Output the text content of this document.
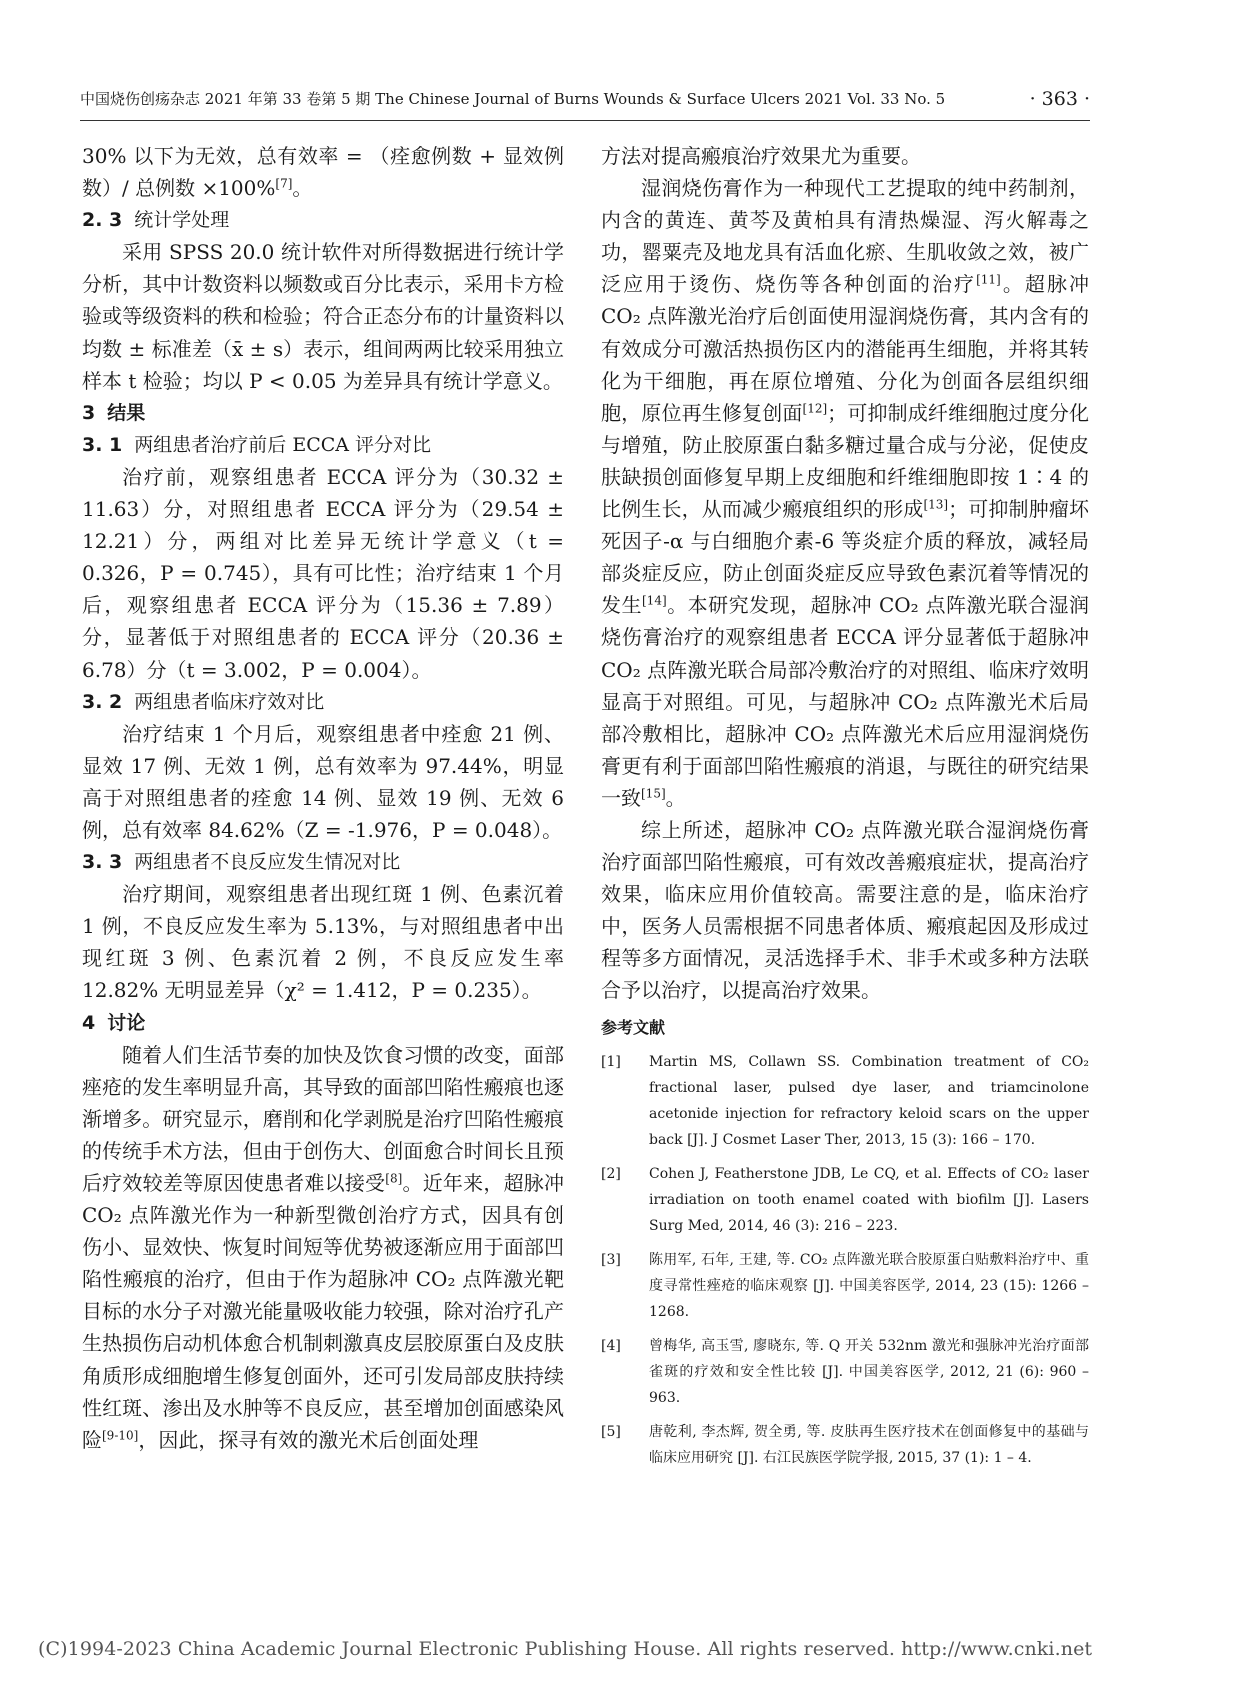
中国烧伤创疡杂志 2021 年第 33 卷第 5 期 The Chinese Journal of Burns Wounds & Surface Ulcers 2021 Vol. 33 No. 5	· 363 ·

30% 以下为无效，总有效率 = （痊愈例数 + 显效例数）/ 总例数 ×100%[7]。

2. 3 统计学处理

采用 SPSS 20.0 统计软件对所得数据进行统计学分析，其中计数资料以频数或百分比表示，采用卡方检验或等级资料的秩和检验；符合正态分布的计量资料以均数 ± 标准差（x̄ ± s）表示，组间两两比较采用独立样本 t 检验；均以 P < 0.05 为差异具有统计学意义。

3 结果
3. 1 两组患者治疗前后 ECCA 评分对比

治疗前，观察组患者 ECCA 评分为（30.32 ± 11.63）分，对照组患者 ECCA 评分为（29.54 ± 12.21）分，两组对比差异无统计学意义（t = 0.326，P = 0.745），具有可比性；治疗结束 1 个月后，观察组患者 ECCA 评分为（15.36 ± 7.89）分，显著低于对照组患者的 ECCA 评分（20.36 ± 6.78）分（t = 3.002，P = 0.004）。

3. 2 两组患者临床疗效对比

治疗结束 1 个月后，观察组患者中痊愈 21 例、显效 17 例、无效 1 例，总有效率为 97.44%，明显高于对照组患者的痊愈 14 例、显效 19 例、无效 6 例，总有效率 84.62%（Z = -1.976，P = 0.048）。

3. 3 两组患者不良反应发生情况对比

治疗期间，观察组患者出现红斑 1 例、色素沉着 1 例，不良反应发生率为 5.13%，与对照组患者中出现红斑 3 例、色素沉着 2 例，不良反应发生率 12.82% 无明显差异（χ² = 1.412，P = 0.235）。

4 讨论

随着人们生活节奏的加快及饮食习惯的改变，面部痤疮的发生率明显升高，其导致的面部凹陷性瘢痕也逐渐增多。研究显示，磨削和化学剥脱是治疗凹陷性瘢痕的传统手术方法，但由于创伤大、创面愈合时间长且预后疗效较差等原因使患者难以接受[8]。近年来，超脉冲 CO₂ 点阵激光作为一种新型微创治疗方式，因具有创伤小、显效快、恢复时间短等优势被逐渐应用于面部凹陷性瘢痕的治疗，但由于作为超脉冲 CO₂ 点阵激光靶目标的水分子对激光能量吸收能力较强，除对治疗孔产生热损伤启动机体愈合机制刺激真皮层胶原蛋白及皮肤角质形成细胞增生修复创面外，还可引发局部皮肤持续性红斑、渗出及水肿等不良反应，甚至增加创面感染风险[9-10]，因此，探寻有效的激光术后创面处理

方法对提高瘢痕治疗效果尤为重要。

湿润烧伤膏作为一种现代工艺提取的纯中药制剂，内含的黄连、黄芩及黄柏具有清热燥湿、泻火解毒之功，罂粟壳及地龙具有活血化瘀、生肌收敛之效，被广泛应用于烫伤、烧伤等各种创面的治疗[11]。超脉冲 CO₂ 点阵激光治疗后创面使用湿润烧伤膏，其内含有的有效成分可激活热损伤区内的潜能再生细胞，并将其转化为干细胞，再在原位增殖、分化为创面各层组织细胞，原位再生修复创面[12]；可抑制成纤维细胞过度分化与增殖，防止胶原蛋白黏多糖过量合成与分泌，促使皮肤缺损创面修复早期上皮细胞和纤维细胞即按 1∶4 的比例生长，从而减少瘢痕组织的形成[13]；可抑制肿瘤坏死因子-α 与白细胞介素-6 等炎症介质的释放，减轻局部炎症反应，防止创面炎症反应导致色素沉着等情况的发生[14]。本研究发现，超脉冲 CO₂ 点阵激光联合湿润烧伤膏治疗的观察组患者 ECCA 评分显著低于超脉冲 CO₂ 点阵激光联合局部冷敷治疗的对照组、临床疗效明显高于对照组。可见，与超脉冲 CO₂ 点阵激光术后局部冷敷相比，超脉冲 CO₂ 点阵激光术后应用湿润烧伤膏更有利于面部凹陷性瘢痕的消退，与既往的研究结果一致[15]。

综上所述，超脉冲 CO₂ 点阵激光联合湿润烧伤膏治疗面部凹陷性瘢痕，可有效改善瘢痕症状，提高治疗效果，临床应用价值较高。需要注意的是，临床治疗中，医务人员需根据不同患者体质、瘢痕起因及形成过程等多方面情况，灵活选择手术、非手术或多种方法联合予以治疗，以提高治疗效果。

参考文献
[1] Martin MS, Collawn SS. Combination treatment of CO₂ fractional laser, pulsed dye laser, and triamcinolone acetonide injection for refractory keloid scars on the upper back [J]. J Cosmet Laser Ther, 2013, 15 (3): 166 – 170.
[2] Cohen J, Featherstone JDB, Le CQ, et al. Effects of CO₂ laser irradiation on tooth enamel coated with biofilm [J]. Lasers Surg Med, 2014, 46 (3): 216 – 223.
[3] 陈用军, 石年, 王建, 等. CO₂ 点阵激光联合胶原蛋白贴敷料治疗中、重度寻常性痤疮的临床观察 [J]. 中国美容医学, 2014, 23 (15): 1266 – 1268.
[4] 曾梅华, 高玉雪, 廖晓东, 等. Q 开关 532nm 激光和强脉冲光治疗面部雀斑的疗效和安全性比较 [J]. 中国美容医学, 2012, 21 (6): 960 – 963.
[5] 唐乾利, 李杰辉, 贺全勇, 等. 皮肤再生医疗技术在创面修复中的基础与临床应用研究 [J]. 右江民族医学院学报, 2015, 37 (1): 1 – 4.
(C)1994-2023 China Academic Journal Electronic Publishing House. All rights reserved. http://www.cnki.net
